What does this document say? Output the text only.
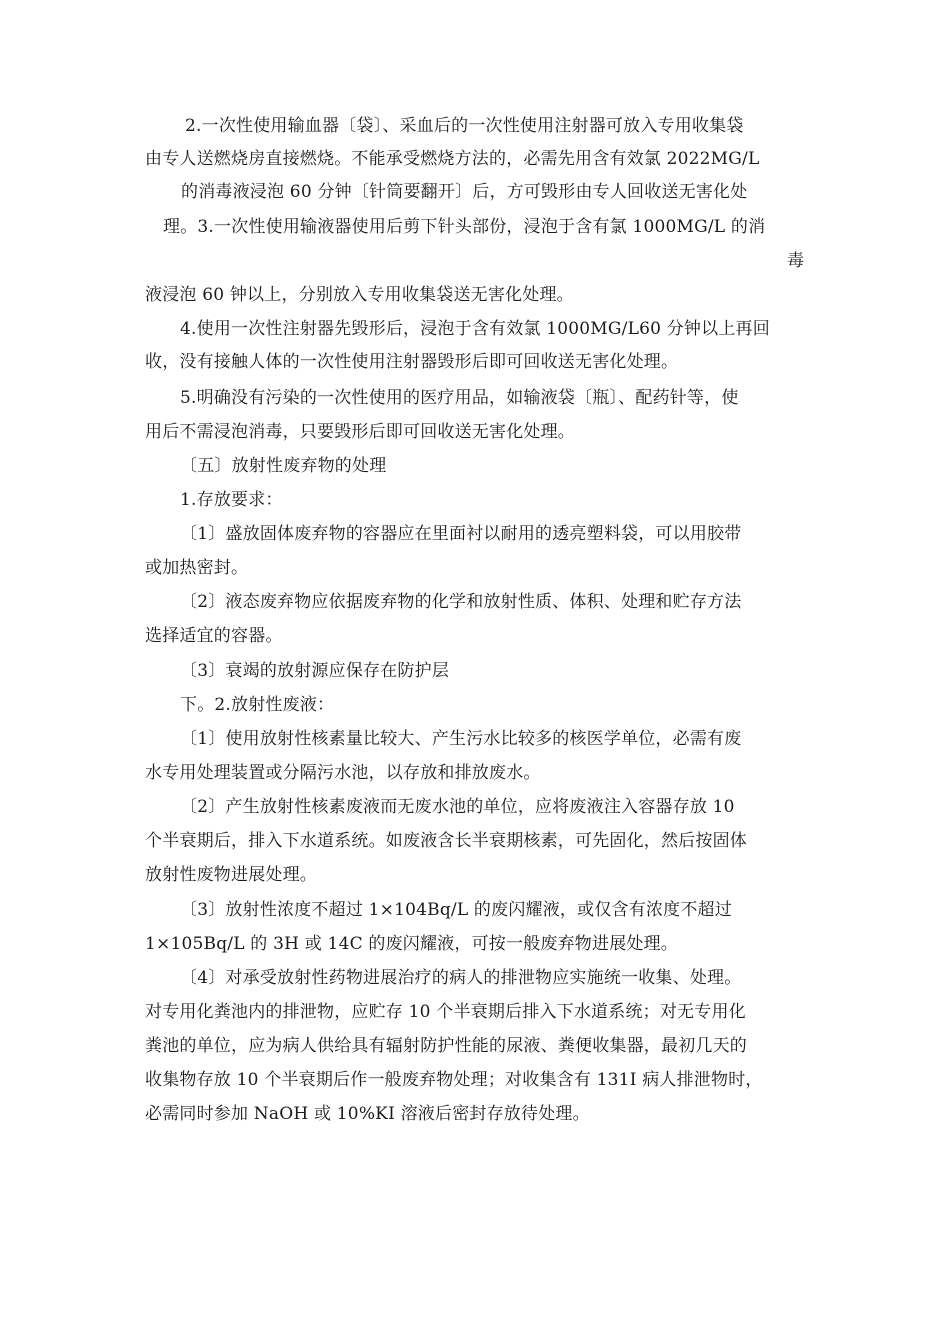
2.一次性使用输血器〔袋〕、采血后的一次性使用注射器可放入专用收集袋
由专人送燃烧房直接燃烧。不能承受燃烧方法的，必需先用含有效氯 2022MG/L
的消毒液浸泡 60 分钟〔针筒要翻开〕后，方可毁形由专人回收送无害化处
理。3.一次性使用输液器使用后剪下针头部份，浸泡于含有氯 1000MG/L 的消
毒
液浸泡 60 钟以上，分别放入专用收集袋送无害化处理。
4.使用一次性注射器先毁形后，浸泡于含有效氯 1000MG/L60 分钟以上再回
收，没有接触人体的一次性使用注射器毁形后即可回收送无害化处理。
5.明确没有污染的一次性使用的医疗用品，如输液袋〔瓶〕、配药针等，使
用后不需浸泡消毒，只要毁形后即可回收送无害化处理。
〔五〕放射性废弃物的处理
1.存放要求：
〔1〕盛放固体废弃物的容器应在里面衬以耐用的透亮塑料袋，可以用胶带
或加热密封。
〔2〕液态废弃物应依据废弃物的化学和放射性质、体积、处理和贮存方法
选择适宜的容器。
〔3〕衰竭的放射源应保存在防护层
下。2.放射性废液：
〔1〕使用放射性核素量比较大、产生污水比较多的核医学单位，必需有废
水专用处理装置或分隔污水池，以存放和排放废水。
〔2〕产生放射性核素废液而无废水池的单位，应将废液注入容器存放 10
个半衰期后，排入下水道系统。如废液含长半衰期核素，可先固化，然后按固体
放射性废物进展处理。
〔3〕放射性浓度不超过 1×104Bq/L 的废闪耀液，或仅含有浓度不超过
1×105Bq/L 的 3H 或 14C 的废闪耀液，可按一般废弃物进展处理。
〔4〕对承受放射性药物进展治疗的病人的排泄物应实施统一收集、处理。
对专用化粪池内的排泄物，应贮存 10 个半衰期后排入下水道系统；对无专用化
粪池的单位，应为病人供给具有辐射防护性能的尿液、粪便收集器，最初几天的
收集物存放 10 个半衰期后作一般废弃物处理；对收集含有 131I 病人排泄物时，
必需同时参加 NaOH 或 10%KI 溶液后密封存放待处理。
